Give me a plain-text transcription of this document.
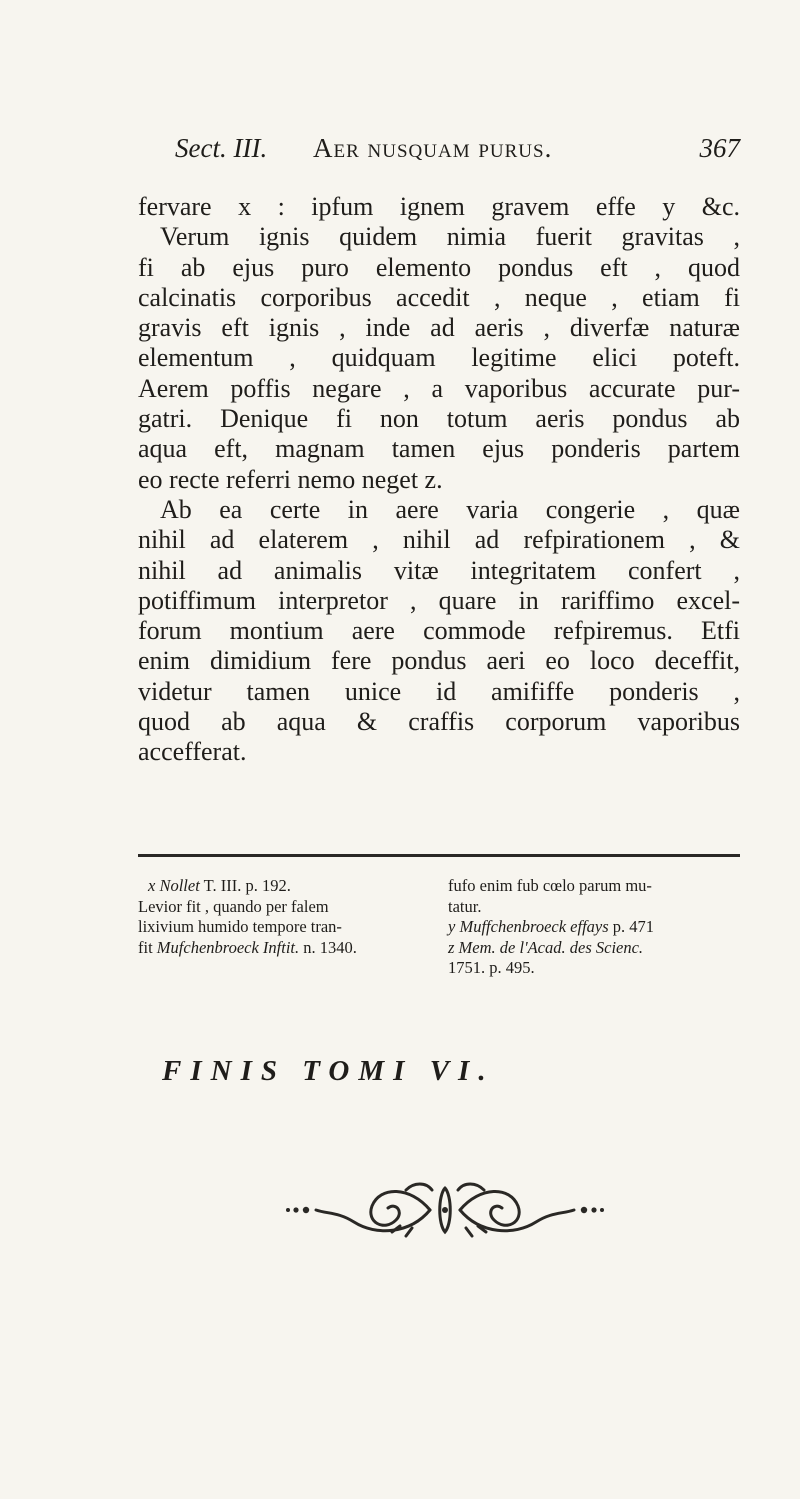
Sect. III. Aer nusquam purus.	367
fervare x : ipfum ignem gravem effe y &c.
Verum ignis quidem nimia fuerit gravitas ,
fi ab ejus puro elemento pondus eft , quod
calcinatis corporibus accedit , neque , etiam fi
gravis eft ignis , inde ad aeris , diverfæ naturæ
elementum , quidquam legitime elici poteft.
Aerem poffis negare , a vaporibus accurate pur-
gatri. Denique fi non totum aeris pondus ab
aqua eft, magnam tamen ejus ponderis partem
eo recte referri nemo neget z.
Ab ea certe in aere varia congerie , quæ
nihil ad elaterem , nihil ad refpirationem , &
nihil ad animalis vitæ integritatem confert ,
potiffimum interpretor , quare in rariffimo excel-
forum montium aere commode refpiremus. Etfi
enim dimidium fere pondus aeri eo loco deceffit,
videtur tamen unice id amififfe ponderis ,
quod ab aqua & craffis corporum vaporibus
accefferat.
x Nollet T. III. p. 192.
Levior fit , quando per falem
lixivium humido tempore tran-
fit Mufchenbroeck Inftit. n. 1340.
fufo enim fub cœlo parum mu-
tatur.
y Muffchenbroeck effays p. 471
z Mem. de l'Acad. des Scienc.
1751. p. 495.
FINIS TOMI VI.
